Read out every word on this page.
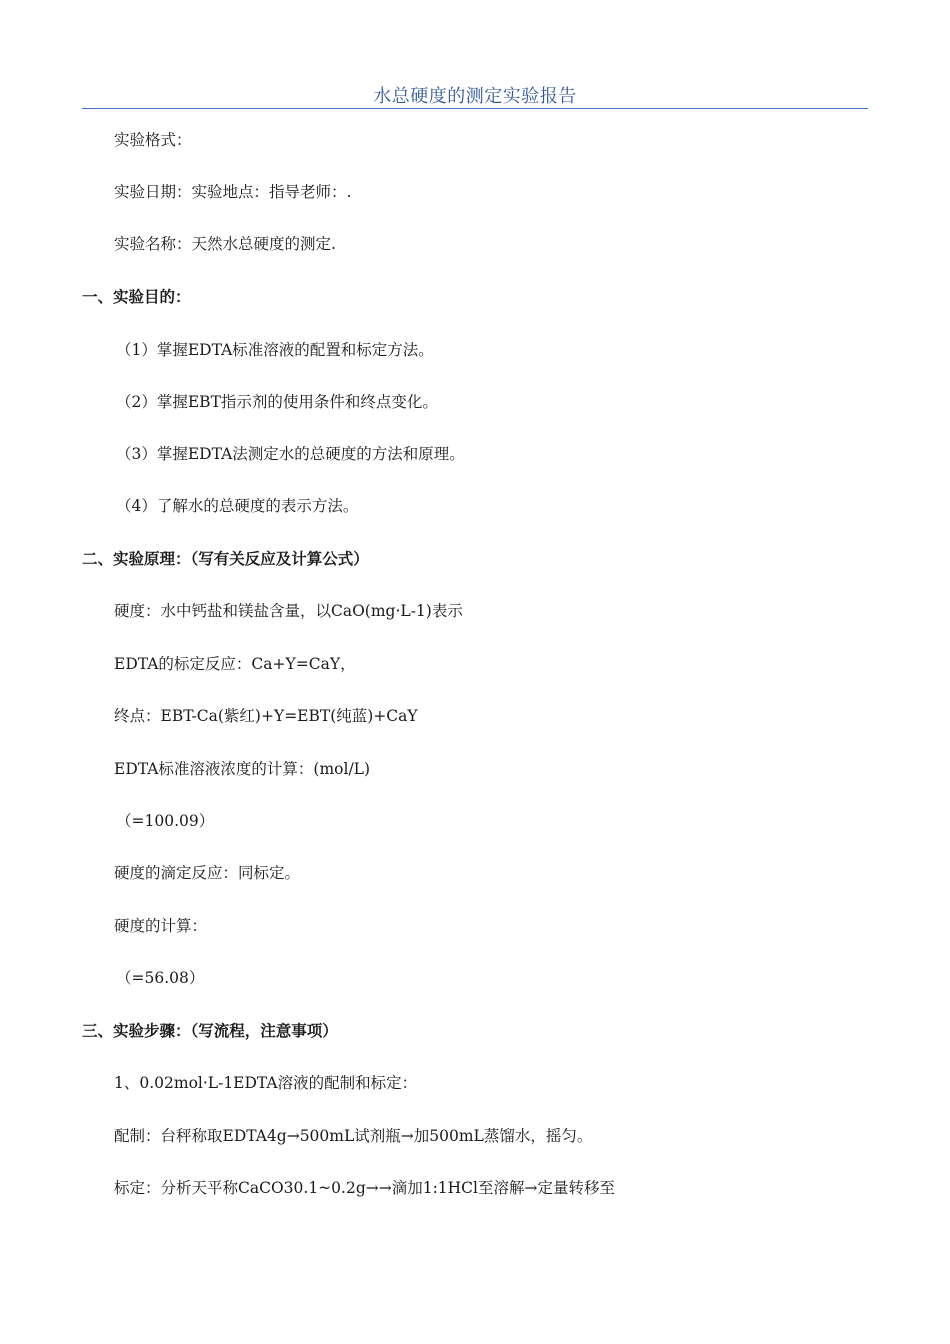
水总硬度的测定实验报告
实验格式：
实验日期：实验地点：指导老师：.
实验名称：天然水总硬度的测定.
一、实验目的：
（1）掌握EDTA标准溶液的配置和标定方法。
（2）掌握EBT指示剂的使用条件和终点变化。
（3）掌握EDTA法测定水的总硬度的方法和原理。
（4）了解水的总硬度的表示方法。
二、实验原理：（写有关反应及计算公式）
硬度：水中钙盐和镁盐含量，以CaO(mg·L-1)表示
EDTA的标定反应：Ca+Y=CaY，
终点：EBT-Ca(紫红)+Y=EBT(纯蓝)+CaY
EDTA标准溶液浓度的计算：(mol/L)
（=100.09）
硬度的滴定反应：同标定。
硬度的计算：
（=56.08）
三、实验步骤：（写流程，注意事项）
1、0.02mol·L-1EDTA溶液的配制和标定：
配制：台秤称取EDTA4g→500mL试剂瓶→加500mL蒸馏水，摇匀。
标定：分析天平称CaCO30.1~0.2g→→滴加1:1HCl至溶解→定量转移至
